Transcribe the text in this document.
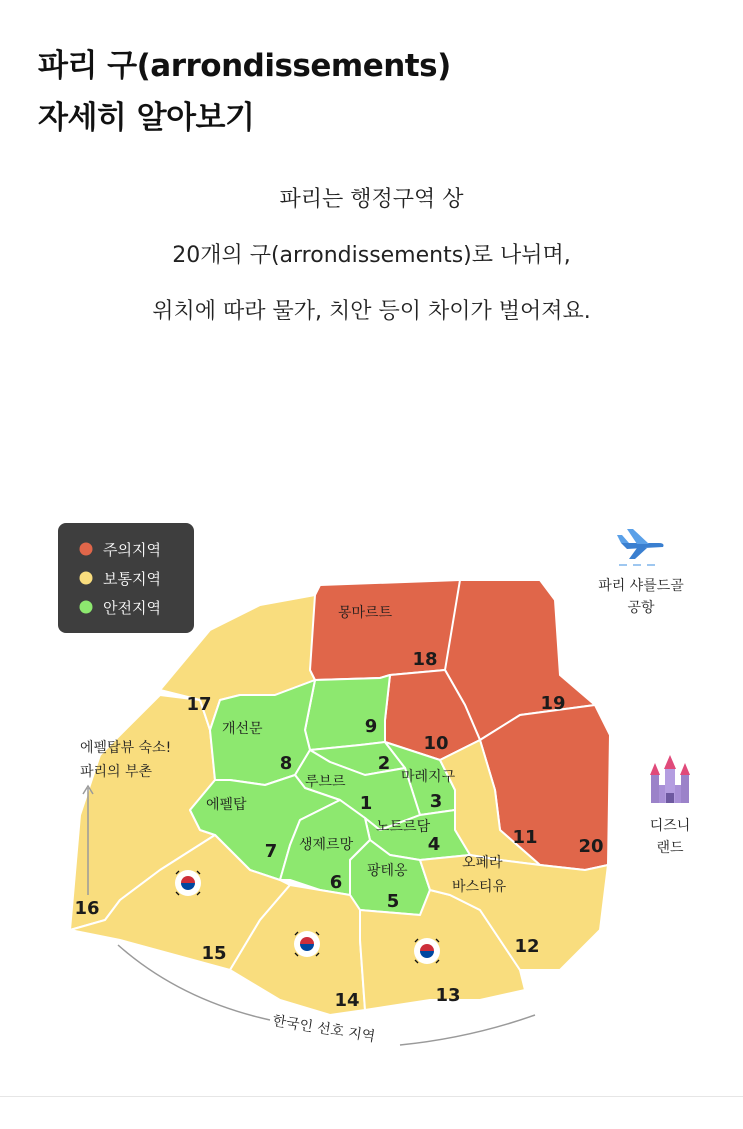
파리 구(arrondissements)
자세히 알아보기
파리는 행정구역 상
20개의 구(arrondissements)로 나뉘며,
위치에 따라 물가, 치안 등이 차이가 벌어져요.
주의지역
보통지역
안전지역
1
2
3
4
5
6
7
8
9
10
11
12
13
14
15
16
17
18
19
20
몽마르트
개선문
루브르	마레지구
에펠탑
노트르담
생제르망
팡테옹	오페라
바스티유
에펠탑뷰 숙소!
파리의 부촌
파리 샤를드골
공항
디즈니
랜드
한국인 선호 지역
